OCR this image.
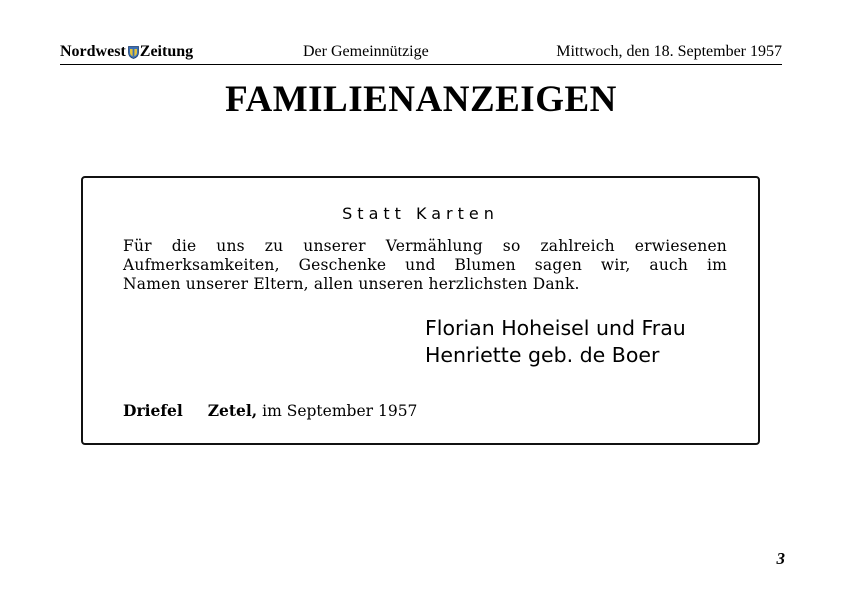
Nordwest Zeitung	Der Gemeinnützige	Mittwoch, den 18. September 1957
FAMILIENANZEIGEN
Statt Karten
Für die uns zu unserer Vermählung so zahlreich erwiesenen
Aufmerksamkeiten, Geschenke und Blumen sagen wir, auch im
Namen unserer Eltern, allen unseren herzlichsten Dank.
Florian Hoheisel und Frau
Henriette geb. de Boer
Driefel Zetel, im September 1957
3
